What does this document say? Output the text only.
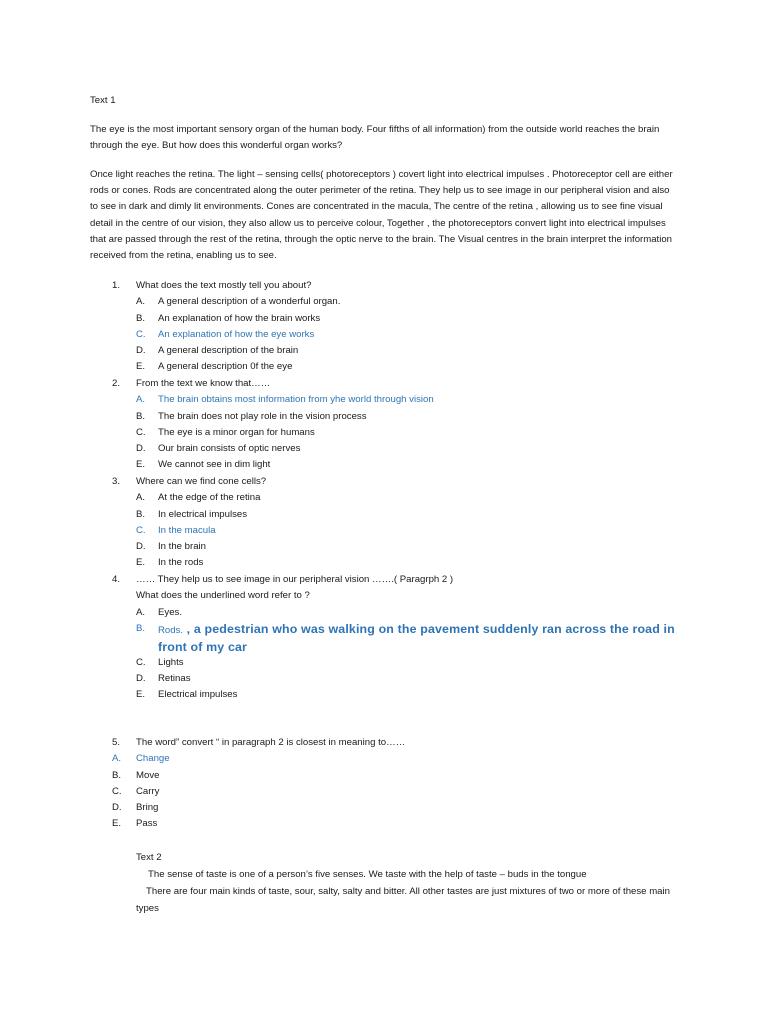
Text 1
The eye is the most important sensory organ of the human body. Four fifths of all information) from the outside world reaches the brain through the eye. But how does this wonderful organ works?
Once light reaches the retina. The light – sensing cells( photoreceptors ) covert light into electrical impulses . Photoreceptor cell are either rods or cones. Rods are concentrated along the outer perimeter of the retina. They help us to see image in our peripheral vision and also to see in dark and dimly lit environments. Cones are concentrated in the macula, The centre of the retina , allowing us to see fine visual detail in the centre of our vision, they also allow us to perceive colour, Together , the photoreceptors convert light into electrical impulses that are passed through the rest of the retina, through the optic nerve to the brain. The Visual centres in the brain interpret the information received from the retina, enabling us to see.
1.	What does the text mostly tell you about?
A. A general description of a wonderful organ.
B. An explanation of how the brain works
C. An explanation of how the eye works
D. A general description of the brain
E. A general description 0f the eye
2.	From the text we know that……
A. The brain obtains most information from yhe world through vision
B. The brain does not play role in the vision process
C. The eye is a minor organ for humans
D. Our brain consists of optic nerves
E. We cannot see in dim light
3.	Where can we find cone cells?
A. At the edge of the retina
B. In electrical impulses
C. In the macula
D. In the brain
E. In the rods
4.	…… They help us to see image in our peripheral vision …….( Paragrph 2 )
What does the underlined word refer to ?
A. Eyes.
B. Rods. , a pedestrian who was walking on the pavement suddenly ran across the road in front of my car
C. Lights
D. Retinas
E. Electrical impulses
5.	The word” convert “ in paragraph 2 is closest in meaning to……
A. Change
B. Move
C. Carry
D. Bring
E. Pass
Text 2
The sense of taste is one of a person’s five senses. We taste with the help of taste – buds in the tongue
There are four main kinds of taste, sour, salty, salty and bitter. All other tastes are just mixtures of two or more of these main types
